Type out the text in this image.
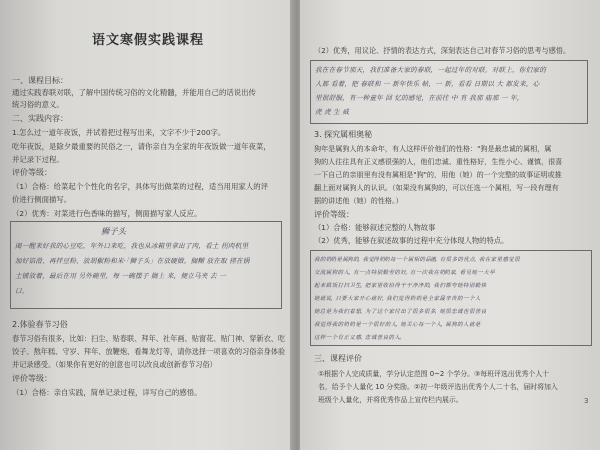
语文寒假实践课程
一、课程目标：
通过实践春联对联，了解中国传统习俗的文化精髓，并能用自己的话说出传
统习俗的意义。
二、实践内容：
1.怎么过一道年夜饭，并试着把过程写出来，文字不少于200字。
吃年夜饭，是除夕最重要的民俗之一，请你亲自为全家的年夜饭做一道年夜菜，
并记录下过程。
评价等级：
（1）合格：给菜起个个性化的名字，具体写出做菜的过程，适当用用家人的评
价进行侧面描写。
（2）优秀：对菜进行色香味的描写，侧面描写家人反应。
狮子头
闺一醒来好我的心豆吃，年外口来吃，我也从冰箱里拿出了肉，看土 拐肉机里
加好馅滑，再拌豆粉，放胡椒粉和米·「狮子头」在放硬做，搁糊 放在取 搓在锅
土铺放着，最后在用 另外碗里，每 一碗摆子 搁上 来，便立马夹 去 一
口。
2.体验春节习俗
春节习俗有很多，比如：扫尘、贴春联、拜年、社年画、贴窗花、贴门神、穿新衣、吃
饺子、熬年糕、守岁、拜年、放鞭炮、看舞龙灯等，请你选择一项喜欢的习俗亲身体验
并记录感受。（如果你有更好的创意也可以改良或创新春节习俗）
评价等级：
（1）合格：亲自实践，简单记录过程，详写自己的感悟。
（2）优秀，用议论、抒情的表达方式，深刻表达自己对春节习俗的思考与感悟。
我在在春节那天，我们准备大家的春联，一起过年的对联。对联上，你们家的
人都 看着，把 春联和 一 新年快乐 帖，一 新，看看 日期以 大 都发来，心
里很舒服，有一种童年 回 忆的感觉，在前往 中 有 我那 庙那 一 年，
虎 虎 生 威
3. 探究属相奥秘
狗年是属狗人的本命年，有人这样评价他们的性格："狗是最忠诚的属相，属
狗的人往往具有正义感很强的人，他们忠诚、重性格好，生性小心、谨慎，很喜
一下自己的亲朋里有没有属相是"狗"的，用他（她）的一个完整的故事证明或推
翻上面对属狗人的认识。（如果没有属狗的，可以任选一个属相，写一段有理有
据的讲述他（她）的性格。）
评价等级：
（1）合格：能够叙述完整的人物故事
（2）优秀，能够在叙述故事的过程中充分体现人物的特点。
我 的 奶奶 是 属狗 的，我 觉得 奶奶 每 一 个 属 相 的 品德，有 很 多 的 优 点，我 在 家 里 感 觉 很
交 流 属 狗 的 人，有 一 点 特 别 勤 劳 的 好。有 一 次 我 在 奶奶 家，看 见 她 一 大 早
起 来 做 饭 打 扫 卫 生，把 家 里 收 拾 得 干 干 净 净 的，我 们 都 夸 她 特 别 勤 快
她 就 说，只 要 大 家 开 心 就 好，我 们 觉 得 奶 奶 是 全 家 最 辛 苦 的 一 个 人
她 总 是 为 我 们 着 想，为 了 这 个 家 付 出 了 很 多 很 多，她 很 忠 诚 也 很 善 良
我 觉 得 我 的 奶 奶 是 一 个 很 好 的 人，她 关 心 每 一 个 人，属 狗 的 人 就 是
这 样 一 个 有 正 义 感、忠 诚 善 良 的 人。
三、课程评价
①根据个人完成质量，学分认定范围 0~2 个学分。③每班评选出优秀个人十
名，给予个人量化 10 分奖励。②初一年级评选出优秀个人二十名，届时将加入
班级个人量化，并将优秀作品上宣传栏内展示。	3
